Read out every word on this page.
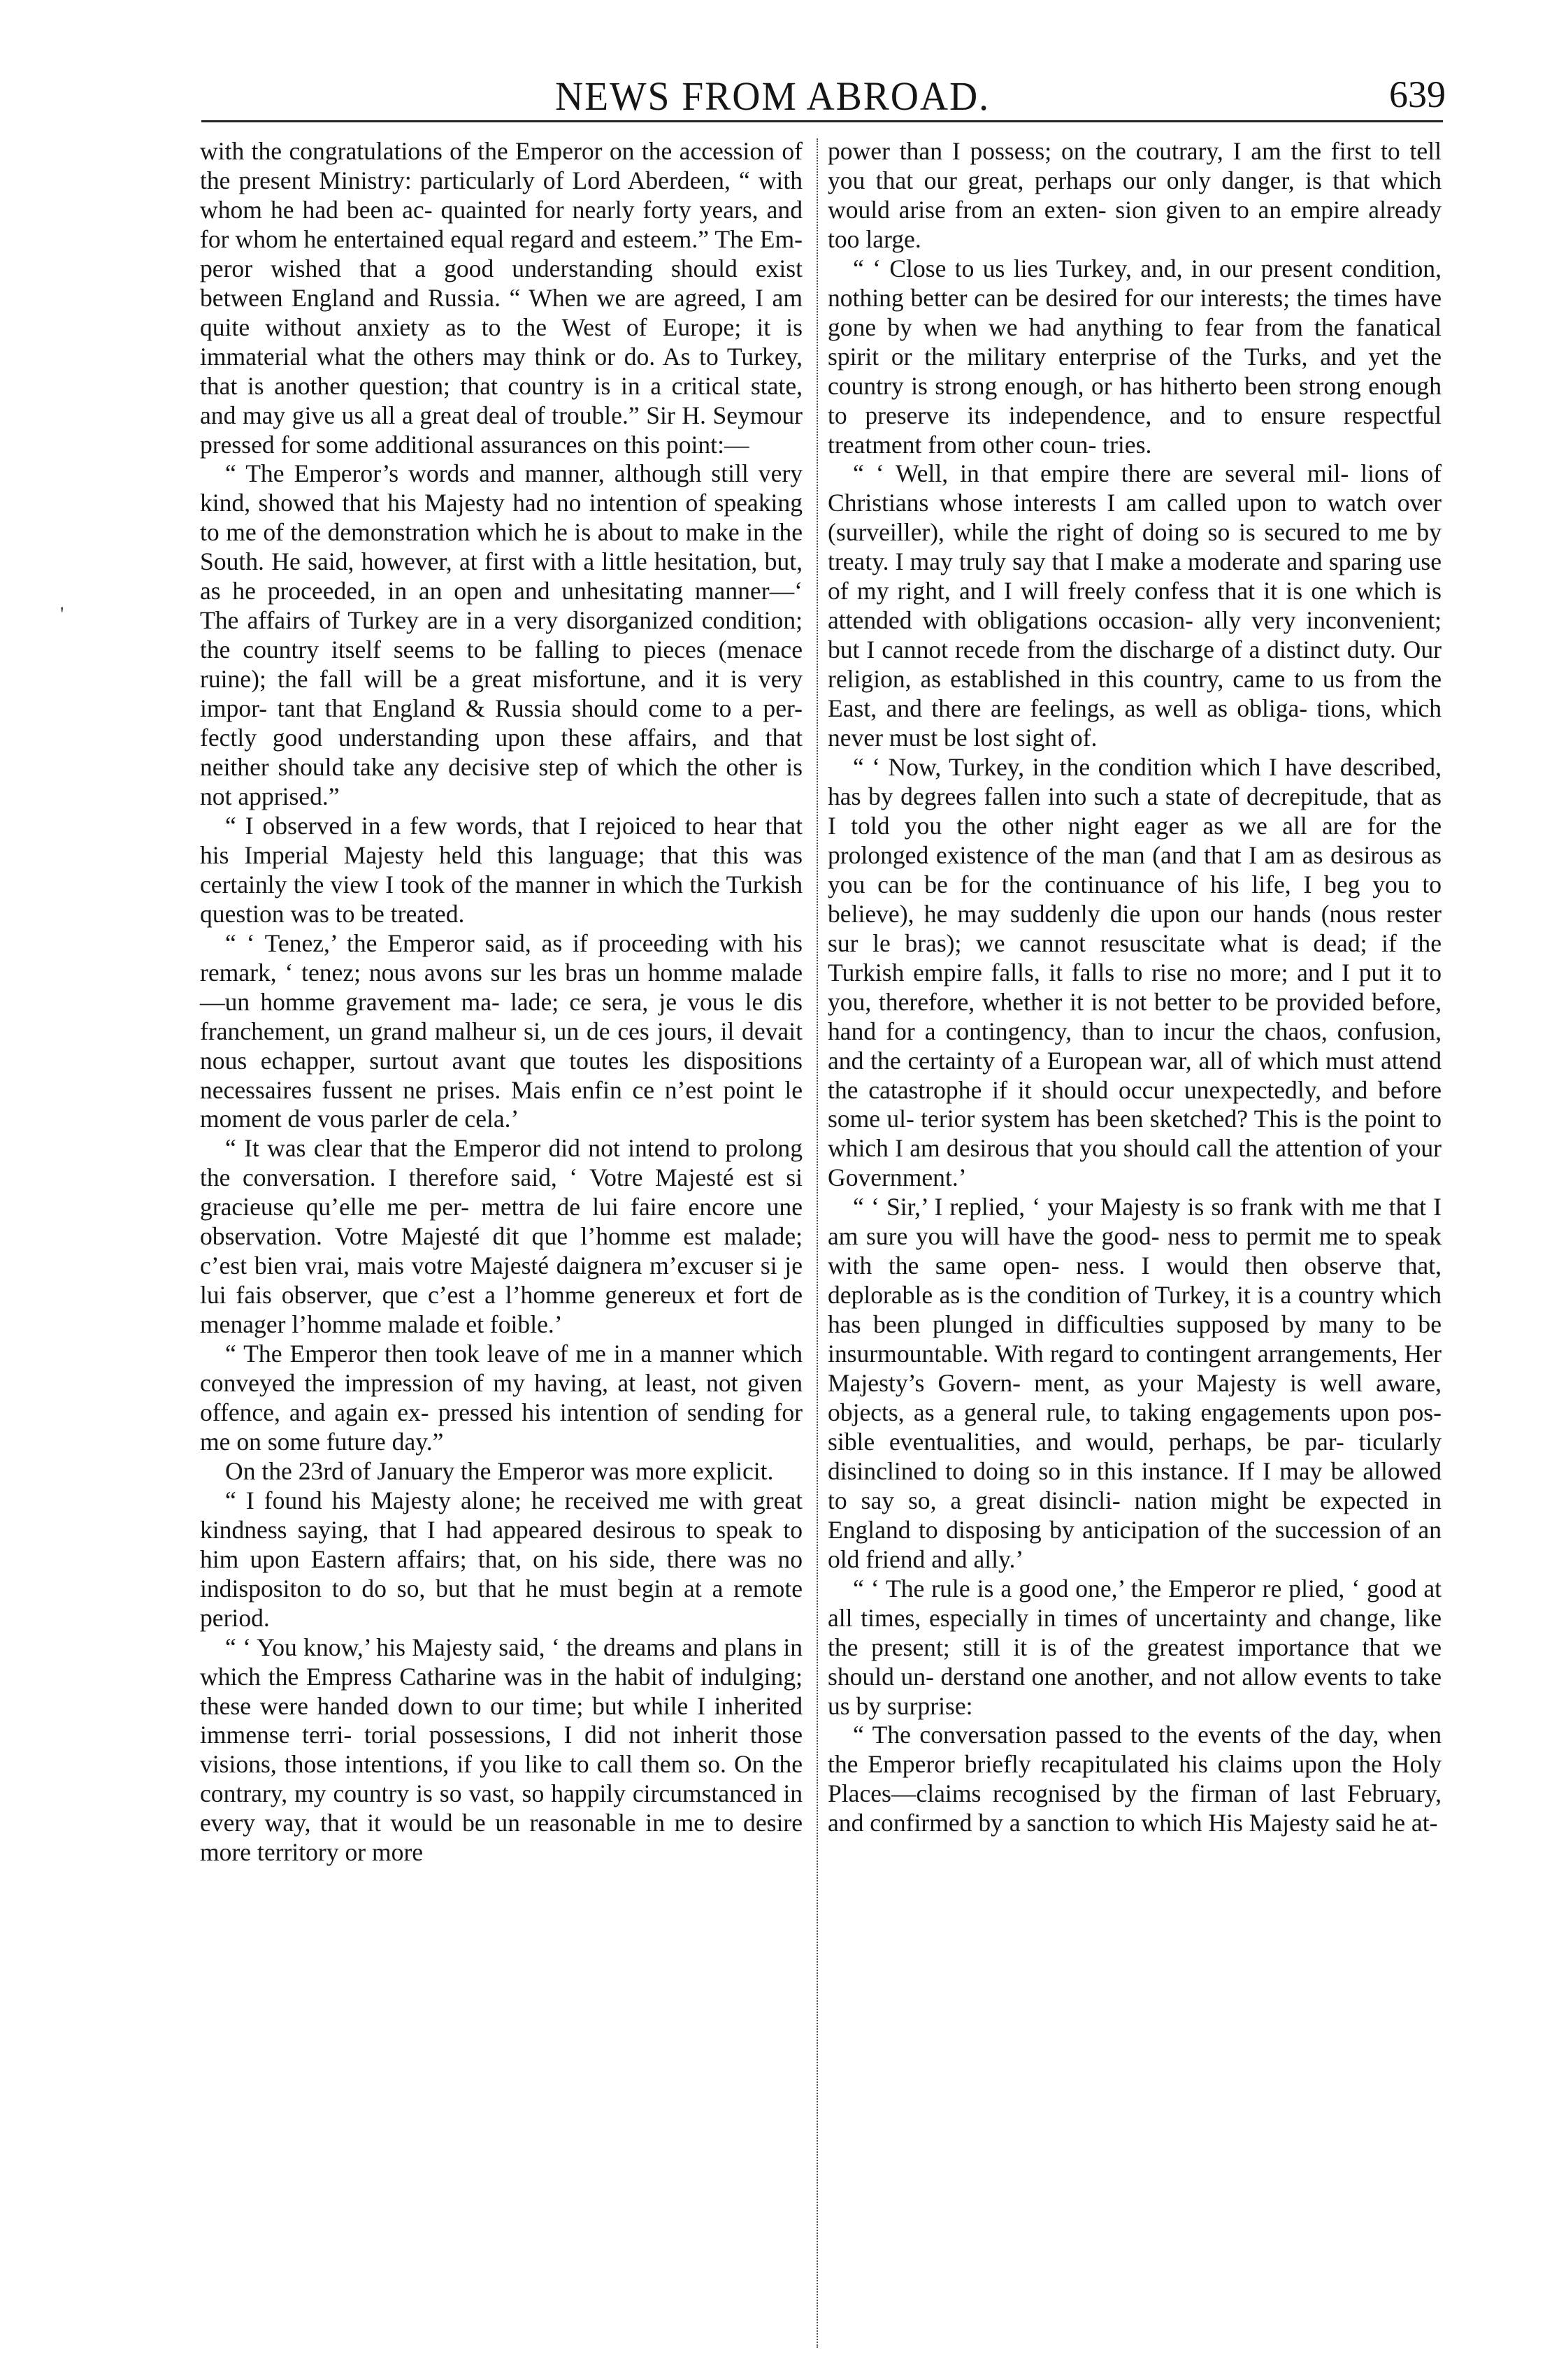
NEWS FROM ABROAD.	639
'

with the congratulations of the Emperor on the accession of the present Ministry: particularly of Lord Aberdeen, “ with whom he had been ac- quainted for nearly forty years, and for whom he entertained equal regard and esteem.” The Em- peror wished that a good understanding should exist between England and Russia. “ When we are agreed, I am quite without anxiety as to the West of Europe; it is immaterial what the others may think or do. As to Turkey, that is another question; that country is in a critical state, and may give us all a great deal of trouble.” Sir H. Seymour pressed for some additional assurances on this point:—

“ The Emperor’s words and manner, although still very kind, showed that his Majesty had no intention of speaking to me of the demonstration which he is about to make in the South. He said, however, at first with a little hesitation, but, as he proceeded, in an open and unhesitating manner—‘ The affairs of Turkey are in a very disorganized condition; the country itself seems to be falling to pieces (menace ruine); the fall will be a great misfortune, and it is very impor- tant that England & Russia should come to a per- fectly good understanding upon these affairs, and that neither should take any decisive step of which the other is not apprised.”

“ I observed in a few words, that I rejoiced to hear that his Imperial Majesty held this language; that this was certainly the view I took of the manner in which the Turkish question was to be treated.

“ ‘ Tenez,’ the Emperor said, as if proceeding with his remark, ‘ tenez; nous avons sur les bras un homme malade—un homme gravement ma- lade; ce sera, je vous le dis franchement, un grand malheur si, un de ces jours, il devait nous echapper, surtout avant que toutes les dispositions necessaires fussent ne prises. Mais enfin ce n’est point le moment de vous parler de cela.’

“ It was clear that the Emperor did not intend to prolong the conversation. I therefore said, ‘ Votre Majesté est si gracieuse qu’elle me per- mettra de lui faire encore une observation. Votre Majesté dit que l’homme est malade; c’est bien vrai, mais votre Majesté daignera m’excuser si je lui fais observer, que c’est a l’homme genereux et fort de menager l’homme malade et foible.’

“ The Emperor then took leave of me in a manner which conveyed the impression of my having, at least, not given offence, and again ex- pressed his intention of sending for me on some future day.”

On the 23rd of January the Emperor was more explicit.

“ I found his Majesty alone; he received me with great kindness saying, that I had appeared desirous to speak to him upon Eastern affairs; that, on his side, there was no indispositon to do so, but that he must begin at a remote period.

“ ‘ You know,’ his Majesty said, ‘ the dreams and plans in which the Empress Catharine was in the habit of indulging; these were handed down to our time; but while I inherited immense terri- torial possessions, I did not inherit those visions, those intentions, if you like to call them so. On the contrary, my country is so vast, so happily circumstanced in every way, that it would be un reasonable in me to desire more territory or more

power than I possess; on the coutrary, I am the first to tell you that our great, perhaps our only danger, is that which would arise from an exten- sion given to an empire already too large.

“ ‘ Close to us lies Turkey, and, in our present condition, nothing better can be desired for our interests; the times have gone by when we had anything to fear from the fanatical spirit or the military enterprise of the Turks, and yet the country is strong enough, or has hitherto been strong enough to preserve its independence, and to ensure respectful treatment from other coun- tries.

“ ‘ Well, in that empire there are several mil- lions of Christians whose interests I am called upon to watch over (surveiller), while the right of doing so is secured to me by treaty. I may truly say that I make a moderate and sparing use of my right, and I will freely confess that it is one which is attended with obligations occasion- ally very inconvenient; but I cannot recede from the discharge of a distinct duty. Our religion, as established in this country, came to us from the East, and there are feelings, as well as obliga- tions, which never must be lost sight of.

“ ‘ Now, Turkey, in the condition which I have described, has by degrees fallen into such a state of decrepitude, that as I told you the other night eager as we all are for the prolonged existence of the man (and that I am as desirous as you can be for the continuance of his life, I beg you to believe), he may suddenly die upon our hands (nous rester sur le bras); we cannot resuscitate what is dead; if the Turkish empire falls, it falls to rise no more; and I put it to you, therefore, whether it is not better to be provided before, hand for a contingency, than to incur the chaos, confusion, and the certainty of a European war, all of which must attend the catastrophe if it should occur unexpectedly, and before some ul- terior system has been sketched? This is the point to which I am desirous that you should call the attention of your Government.’

“ ‘ Sir,’ I replied, ‘ your Majesty is so frank with me that I am sure you will have the good- ness to permit me to speak with the same open- ness. I would then observe that, deplorable as is the condition of Turkey, it is a country which has been plunged in difficulties supposed by many to be insurmountable. With regard to contingent arrangements, Her Majesty’s Govern- ment, as your Majesty is well aware, objects, as a general rule, to taking engagements upon pos- sible eventualities, and would, perhaps, be par- ticularly disinclined to doing so in this instance. If I may be allowed to say so, a great disincli- nation might be expected in England to disposing by anticipation of the succession of an old friend and ally.’

“ ‘ The rule is a good one,’ the Emperor re plied, ‘ good at all times, especially in times of uncertainty and change, like the present; still it is of the greatest importance that we should un- derstand one another, and not allow events to take us by surprise:

“ The conversation passed to the events of the day, when the Emperor briefly recapitulated his claims upon the Holy Places—claims recognised by the firman of last February, and confirmed by a sanction to which His Majesty said he at-
